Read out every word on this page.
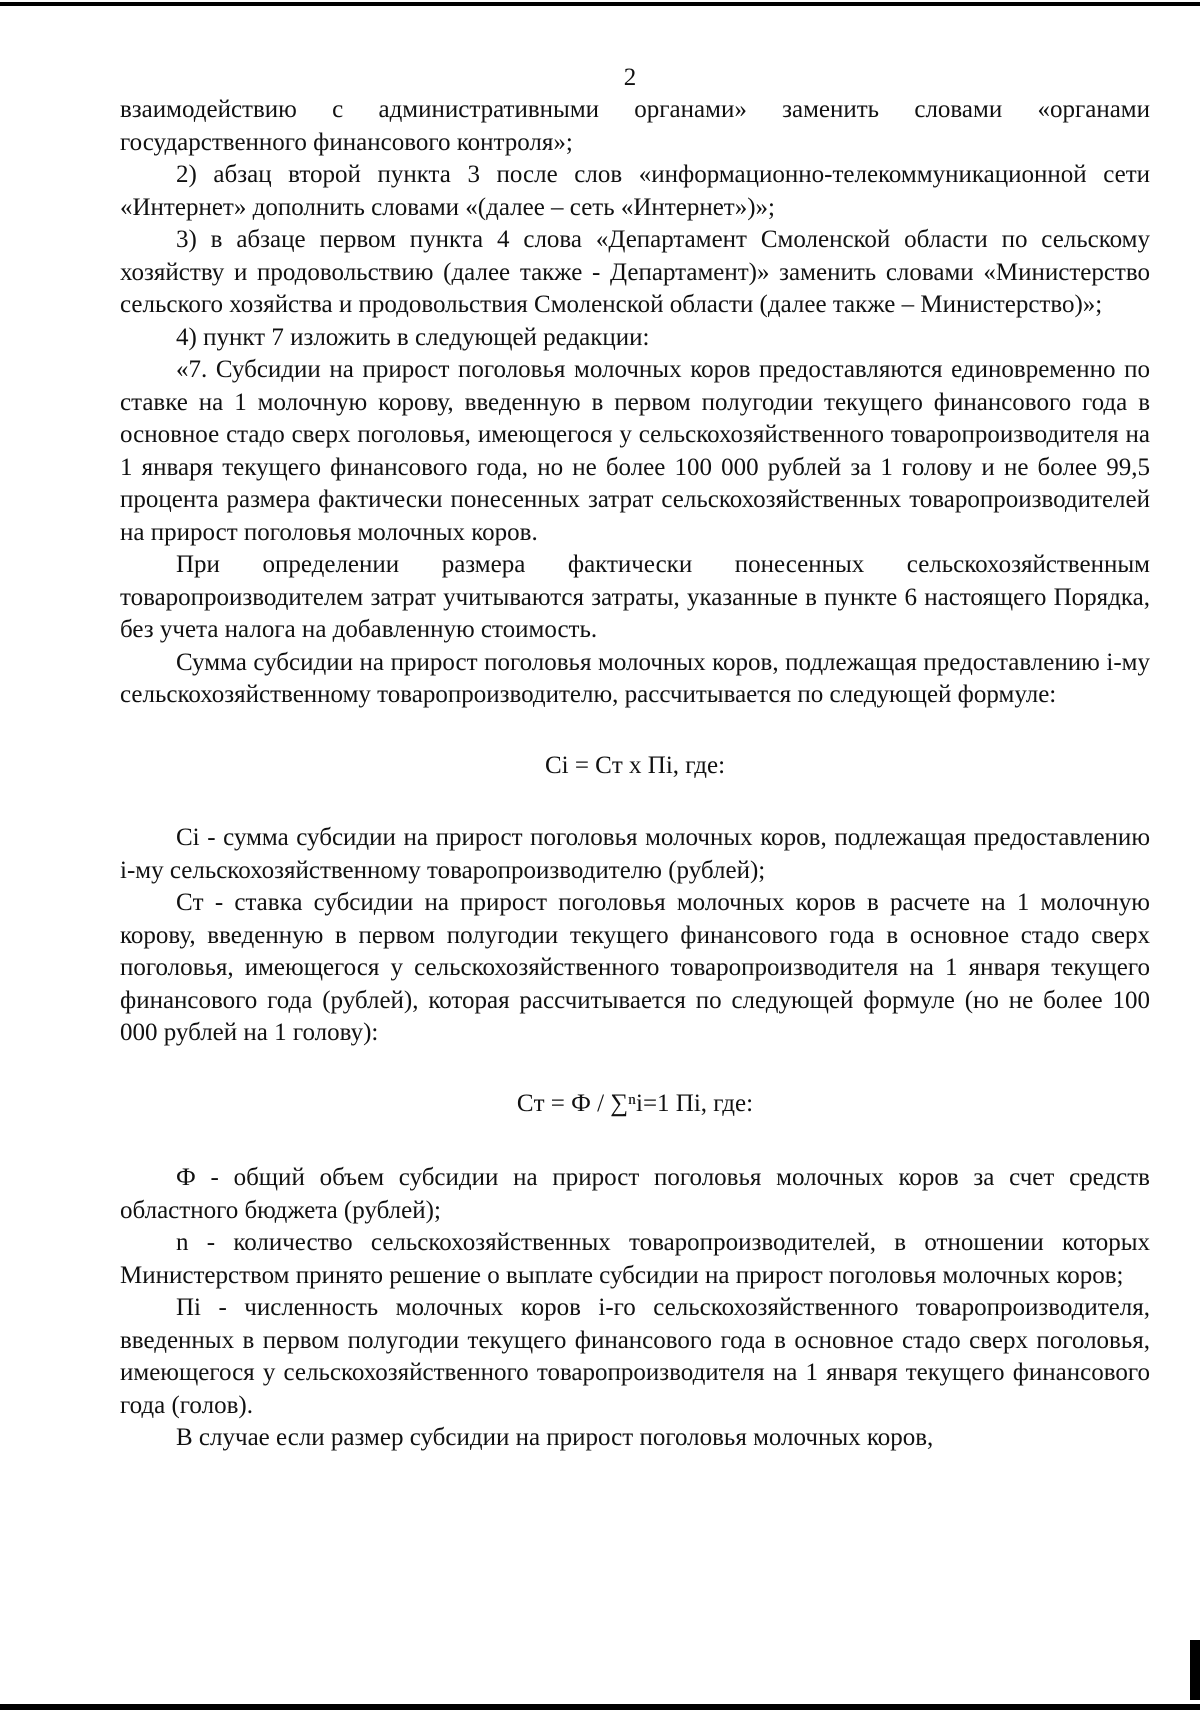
2

взаимодействию с административными органами» заменить словами «органами государственного финансового контроля»;

2) абзац второй пункта 3 после слов «информационно-телекоммуникационной сети «Интернет» дополнить словами «(далее – сеть «Интернет»)»;

3) в абзаце первом пункта 4 слова «Департамент Смоленской области по сельскому хозяйству и продовольствию (далее также - Департамент)» заменить словами «Министерство сельского хозяйства и продовольствия Смоленской области (далее также – Министерство)»;

4) пункт 7 изложить в следующей редакции:

«7. Субсидии на прирост поголовья молочных коров предоставляются единовременно по ставке на 1 молочную корову, введенную в первом полугодии текущего финансового года в основное стадо сверх поголовья, имеющегося у сельскохозяйственного товаропроизводителя на 1 января текущего финансового года, но не более 100 000 рублей за 1 голову и не более 99,5 процента размера фактически понесенных затрат сельскохозяйственных товаропроизводителей на прирост поголовья молочных коров.

При определении размера фактически понесенных сельскохозяйственным товаропроизводителем затрат учитываются затраты, указанные в пункте 6 настоящего Порядка, без учета налога на добавленную стоимость.

Сумма субсидии на прирост поголовья молочных коров, подлежащая предоставлению i-му сельскохозяйственному товаропроизводителю, рассчитывается по следующей формуле:

Ci = Cт х Пi, где:

Ci - сумма субсидии на прирост поголовья молочных коров, подлежащая предоставлению i-му сельскохозяйственному товаропроизводителю (рублей);

Cт - ставка субсидии на прирост поголовья молочных коров в расчете на 1 молочную корову, введенную в первом полугодии текущего финансового года в основное стадо сверх поголовья, имеющегося у сельскохозяйственного товаропроизводителя на 1 января текущего финансового года (рублей), которая рассчитывается по следующей формуле (но не более 100 000 рублей на 1 голову):

Cт = Ф / ∑ⁿi=1 Пi, где:

Ф - общий объем субсидии на прирост поголовья молочных коров за счет средств областного бюджета (рублей);

n - количество сельскохозяйственных товаропроизводителей, в отношении которых Министерством принято решение о выплате субсидии на прирост поголовья молочных коров;

Пi - численность молочных коров i-го сельскохозяйственного товаропроизводителя, введенных в первом полугодии текущего финансового года в основное стадо сверх поголовья, имеющегося у сельскохозяйственного товаропроизводителя на 1 января текущего финансового года (голов).

В случае если размер субсидии на прирост поголовья молочных коров,
